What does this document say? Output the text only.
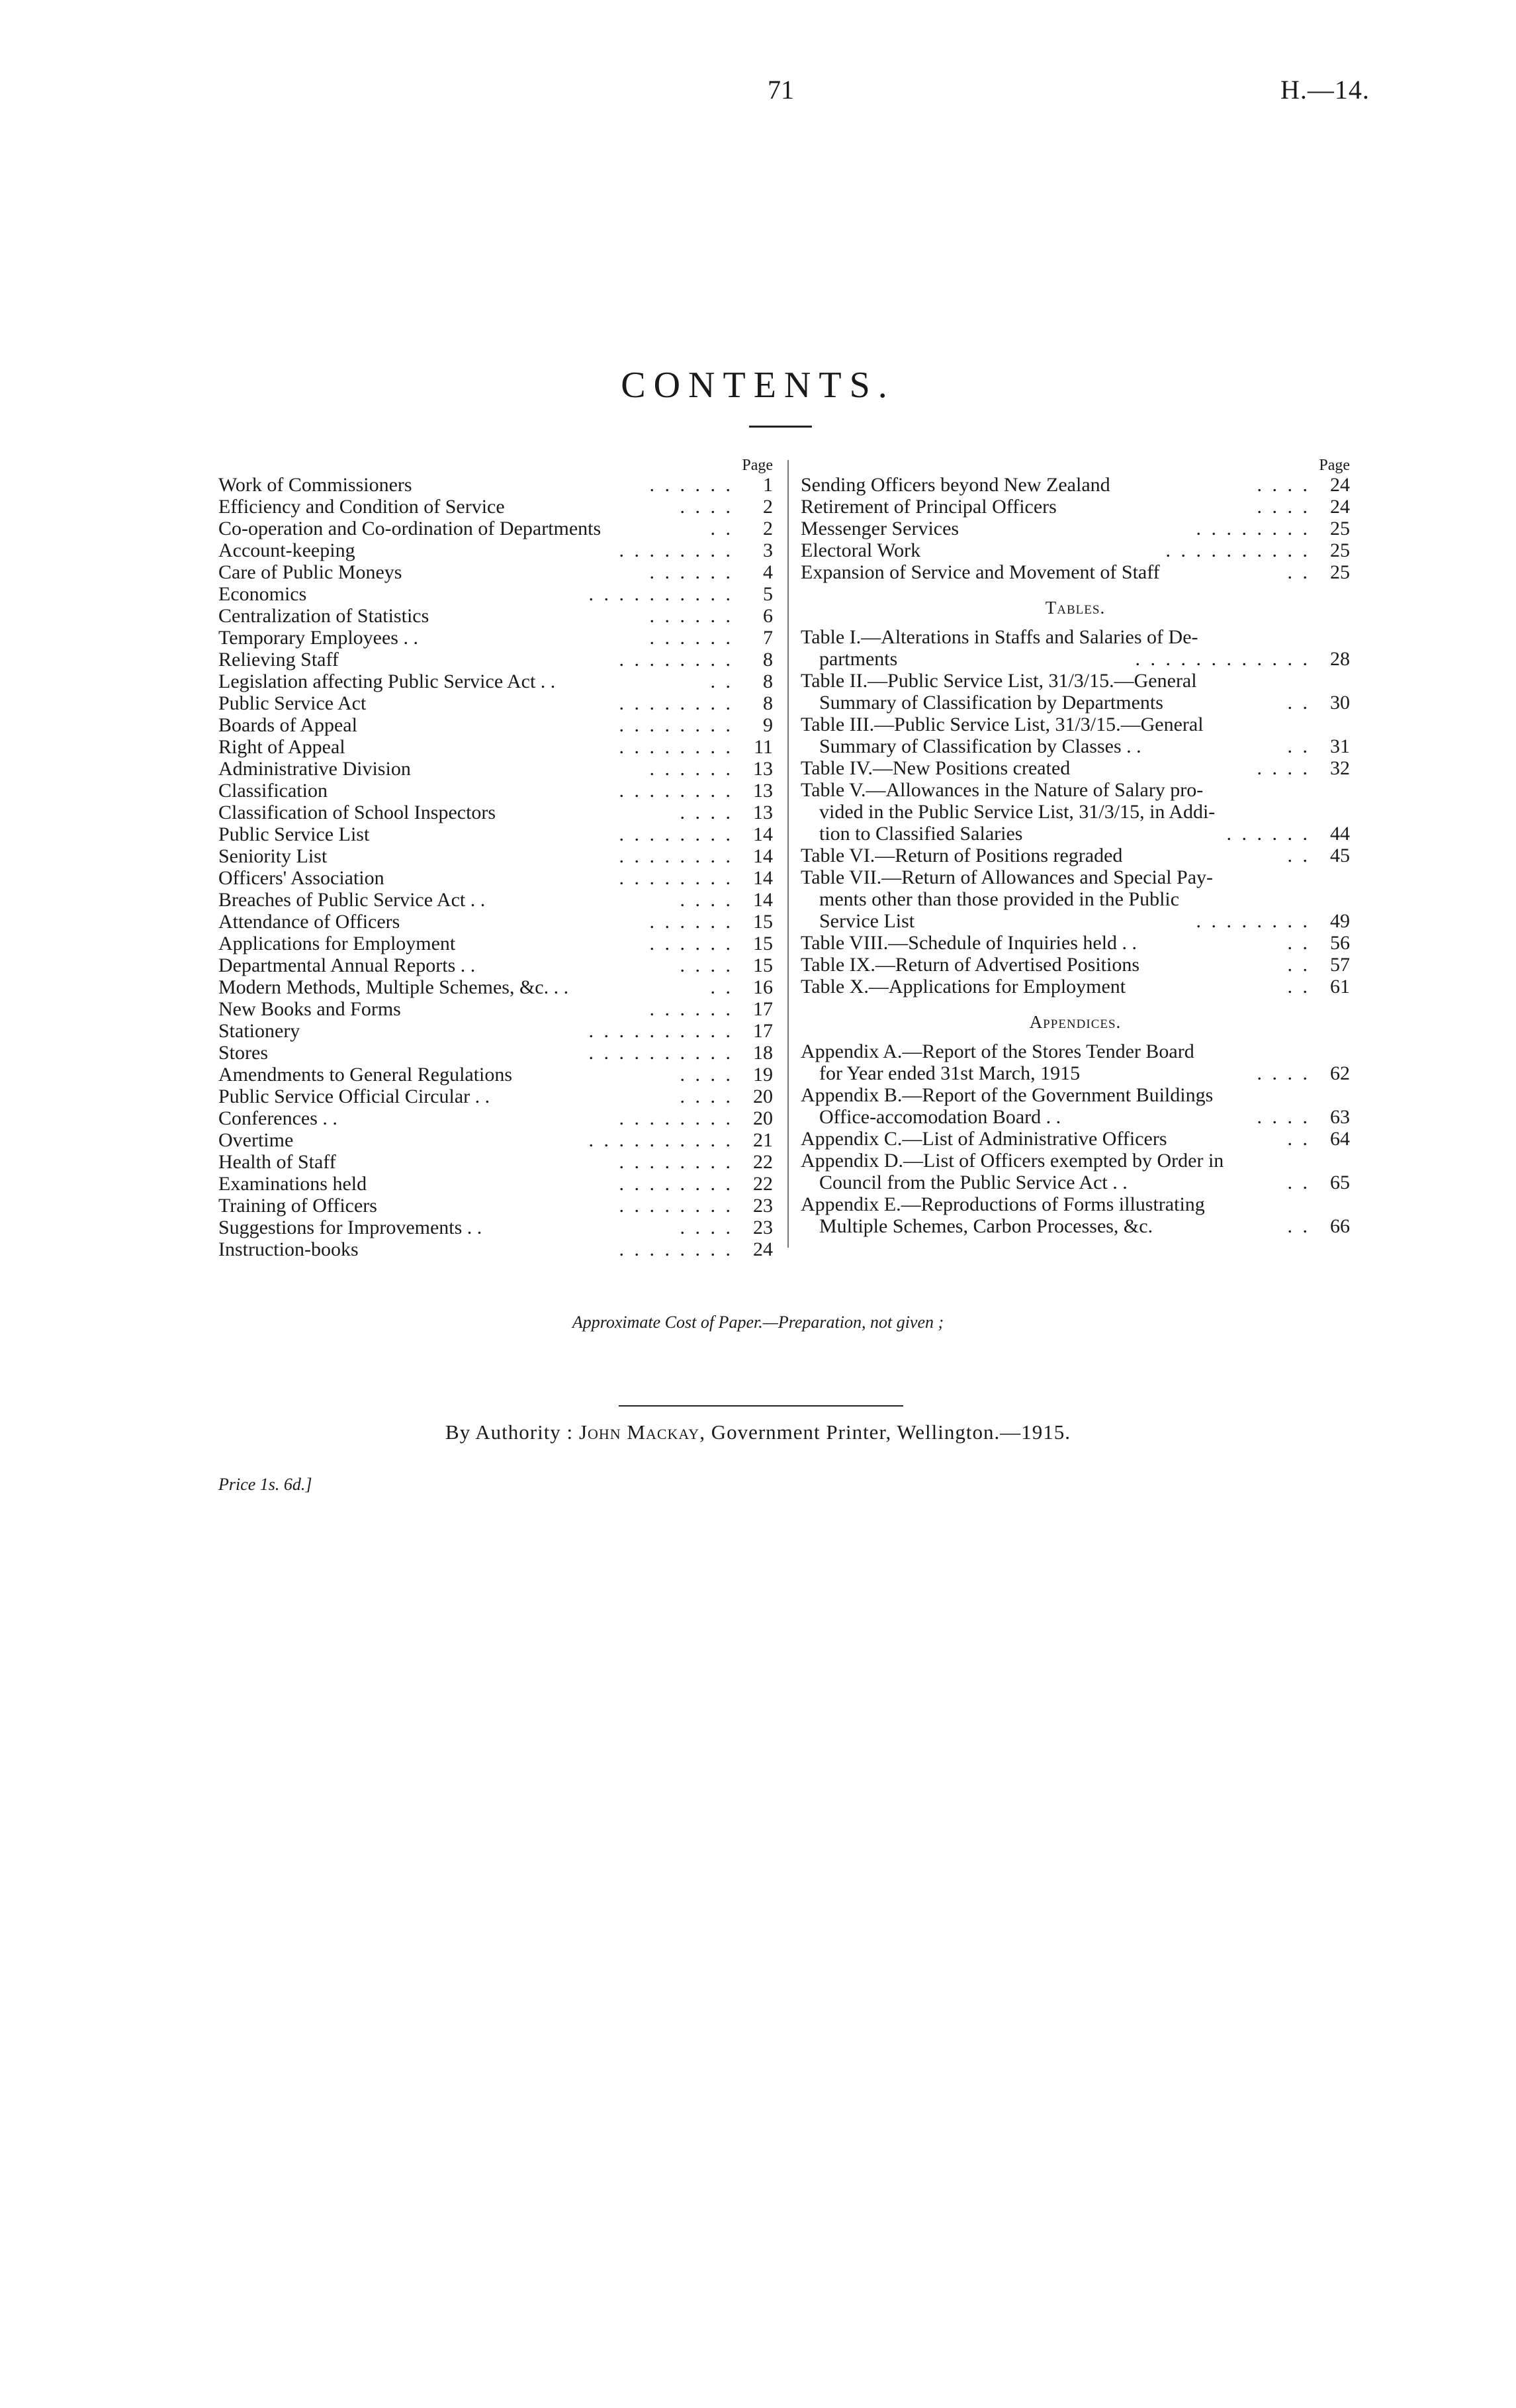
71	H.—14.
CONTENTS.
Page
Work of Commissioners	. . . . . .	1
Efficiency and Condition of Service	. . . .	2
Co-operation and Co-ordination of Departments	. .	2
Account-keeping	. . . . . . . .	3
Care of Public Moneys	. . . . . .	4
Economics	. . . . . . . . . .	5
Centralization of Statistics	. . . . . .	6
Temporary Employees . .	. . . . . .	7
Relieving Staff	. . . . . . . .	8
Legislation affecting Public Service Act . .	. .	8
Public Service Act	. . . . . . . .	8
Boards of Appeal	. . . . . . . .	9
Right of Appeal	. . . . . . . .	11
Administrative Division	. . . . . .	13
Classification	. . . . . . . .	13
Classification of School Inspectors	. . . .	13
Public Service List	. . . . . . . .	14
Seniority List	. . . . . . . .	14
Officers' Association	. . . . . . . .	14
Breaches of Public Service Act . .	. . . .	14
Attendance of Officers	. . . . . .	15
Applications for Employment	. . . . . .	15
Departmental Annual Reports . .	. . . .	15
Modern Methods, Multiple Schemes, &c. . .	. .	16
New Books and Forms	. . . . . .	17
Stationery	. . . . . . . . . .	17
Stores	. . . . . . . . . .	18
Amendments to General Regulations	. . . .	19
Public Service Official Circular . .	. . . .	20
Conferences . .	. . . . . . . .	20
Overtime	. . . . . . . . . .	21
Health of Staff	. . . . . . . .	22
Examinations held	. . . . . . . .	22
Training of Officers	. . . . . . . .	23
Suggestions for Improvements . .	. . . .	23
Instruction-books	. . . . . . . .	24
Page
Sending Officers beyond New Zealand	. . . .	24
Retirement of Principal Officers	. . . .	24
Messenger Services	. . . . . . . .	25
Electoral Work	. . . . . . . . . .	25
Expansion of Service and Movement of Staff	. .	25
Tables.
Table I.—Alterations in Staffs and Salaries of De-
partments	. . . . . . . . . . . .	28
Table II.—Public Service List, 31/3/15.—General
Summary of Classification by Departments	. .	30
Table III.—Public Service List, 31/3/15.—General
Summary of Classification by Classes . .	. .	31
Table IV.—New Positions created	. . . .	32
Table V.—Allowances in the Nature of Salary pro-
vided in the Public Service List, 31/3/15, in Addi-
tion to Classified Salaries	. . . . . .	44
Table VI.—Return of Positions regraded	. .	45
Table VII.—Return of Allowances and Special Pay-
ments other than those provided in the Public
Service List	. . . . . . . .	49
Table VIII.—Schedule of Inquiries held . .	. .	56
Table IX.—Return of Advertised Positions	. .	57
Table X.—Applications for Employment	. .	61
Appendices.
Appendix A.—Report of the Stores Tender Board
for Year ended 31st March, 1915	. . . .	62
Appendix B.—Report of the Government Buildings
Office-accomodation Board . .	. . . .	63
Appendix C.—List of Administrative Officers	. .	64
Appendix D.—List of Officers exempted by Order in
Council from the Public Service Act . .	. .	65
Appendix E.—Reproductions of Forms illustrating
Multiple Schemes, Carbon Processes, &c.	. .	66
Approximate Cost of Paper.—Preparation, not given ;
By Authority : John Mackay, Government Printer, Wellington.—1915.
Price 1s. 6d.]
